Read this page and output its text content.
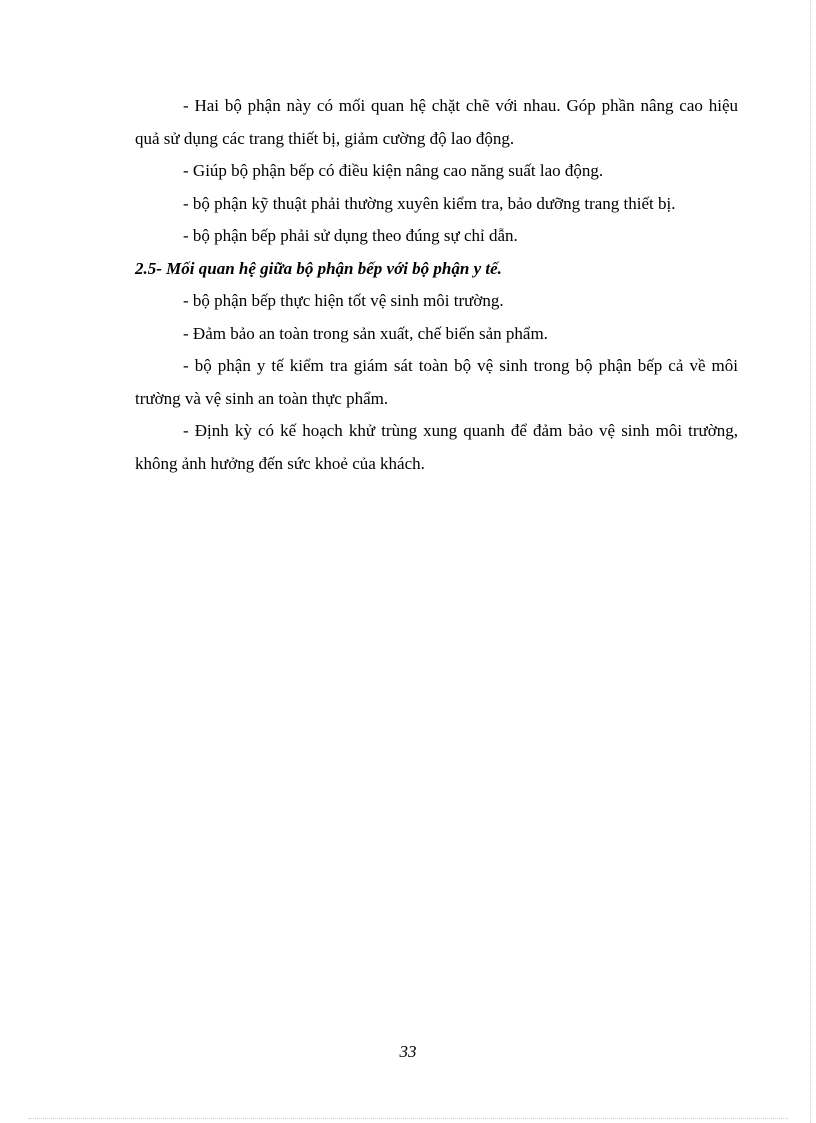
- Hai bộ phận này có mối quan hệ chặt chẽ với nhau. Góp phần nâng cao hiệu quả sử dụng các trang thiết bị, giảm cường độ lao động.

- Giúp bộ phận bếp có điều kiện nâng cao năng suất lao động.

- bộ phận kỹ thuật phải thường xuyên kiểm tra, bảo dưỡng trang thiết bị.

- bộ phận bếp phải sử dụng theo đúng sự chỉ dẫn.

2.5- Mối quan hệ giữa bộ phận bếp với bộ phận y tế.

- bộ phận bếp thực hiện tốt vệ sinh môi trường.

- Đảm bảo an toàn trong sản xuất, chế biến sản phẩm.

- bộ phận y tế kiểm tra giám sát toàn bộ vệ sinh trong bộ phận bếp cả về môi trường và vệ sinh an toàn thực phẩm.

- Định kỳ có kế hoạch khử trùng xung quanh để đảm bảo vệ sinh môi trường, không ảnh hưởng đến sức khoẻ của khách.

33
